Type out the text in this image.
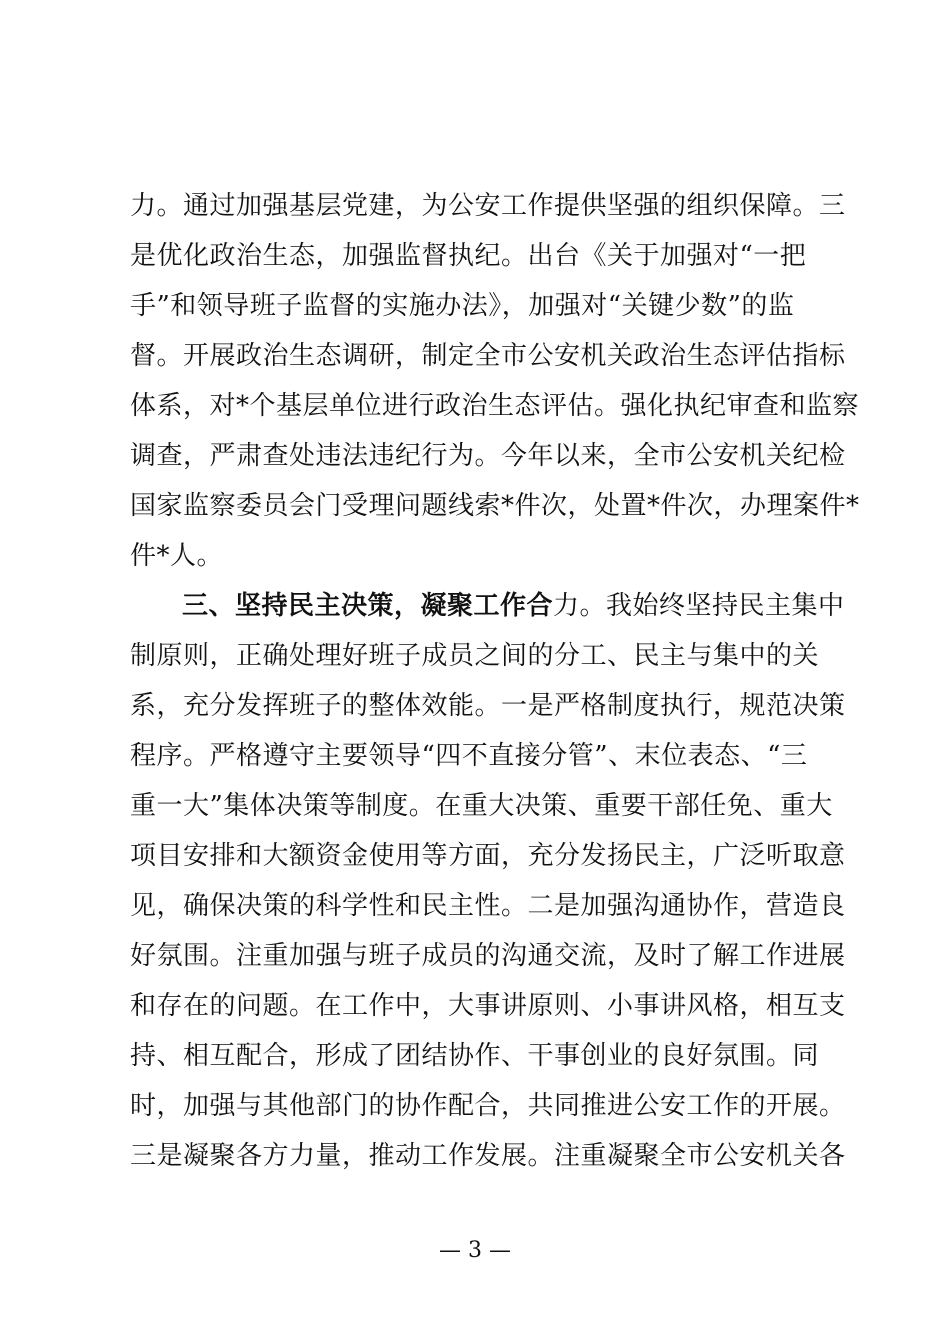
力。通过加强基层党建，为公安工作提供坚强的组织保障。三
是优化政治生态，加强监督执纪。出台《关于加强对“一把
手”和领导班子监督的实施办法》，加强对“关键少数”的监
督。开展政治生态调研，制定全市公安机关政治生态评估指标
体系，对*个基层单位进行政治生态评估。强化执纪审查和监察
调查，严肃查处违法违纪行为。今年以来，全市公安机关纪检
国家监察委员会门受理问题线索*件次，处置*件次，办理案件*
件*人。
三、坚持民主决策，凝聚工作合力。我始终坚持民主集中
制原则，正确处理好班子成员之间的分工、民主与集中的关
系，充分发挥班子的整体效能。一是严格制度执行，规范决策
程序。严格遵守主要领导“四不直接分管”、末位表态、“三
重一大”集体决策等制度。在重大决策、重要干部任免、重大
项目安排和大额资金使用等方面，充分发扬民主，广泛听取意
见，确保决策的科学性和民主性。二是加强沟通协作，营造良
好氛围。注重加强与班子成员的沟通交流，及时了解工作进展
和存在的问题。在工作中，大事讲原则、小事讲风格，相互支
持、相互配合，形成了团结协作、干事创业的良好氛围。同
时，加强与其他部门的协作配合，共同推进公安工作的开展。
三是凝聚各方力量，推动工作发展。注重凝聚全市公安机关各
— 3 —
